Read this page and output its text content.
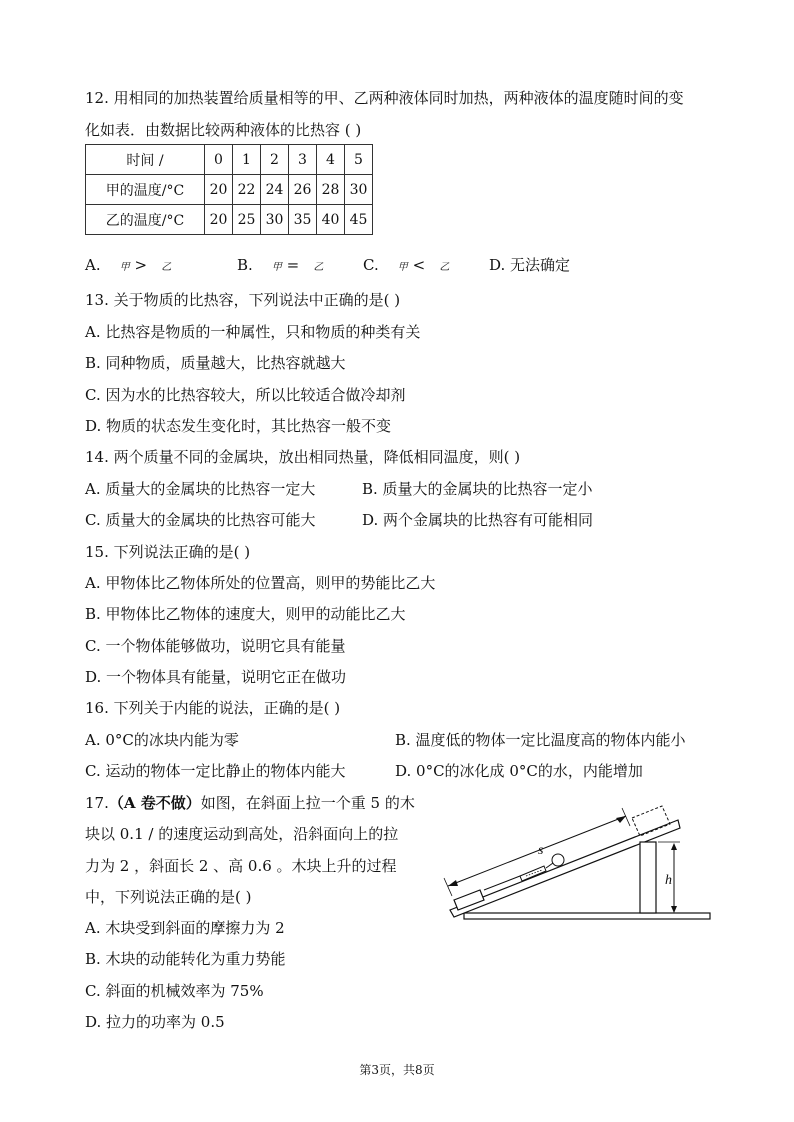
12. 用相同的加热装置给质量相等的甲、乙两种液体同时加热，两种液体的温度随时间的变
化如表．由数据比较两种液体的比热容 ( )
时间 /	0	1	2	3	4	5
甲的温度/°C	20	22	24	26	28	30
乙的温度/°C	20	25	30	35	40	45
A. 甲 > 乙	B. 甲 = 乙	C. 甲 < 乙	D. 无法确定
13. 关于物质的比热容，下列说法中正确的是( )
A. 比热容是物质的一种属性，只和物质的种类有关
B. 同种物质，质量越大，比热容就越大
C. 因为水的比热容较大，所以比较适合做冷却剂
D. 物质的状态发生变化时，其比热容一般不变
14. 两个质量不同的金属块，放出相同热量，降低相同温度，则( )
A. 质量大的金属块的比热容一定大	B. 质量大的金属块的比热容一定小
C. 质量大的金属块的比热容可能大	D. 两个金属块的比热容有可能相同
15. 下列说法正确的是( )
A. 甲物体比乙物体所处的位置高，则甲的势能比乙大
B. 甲物体比乙物体的速度大，则甲的动能比乙大
C. 一个物体能够做功，说明它具有能量
D. 一个物体具有能量，说明它正在做功
16. 下列关于内能的说法，正确的是( )
A. 0°C的冰块内能为零	B. 温度低的物体一定比温度高的物体内能小
C. 运动的物体一定比静止的物体内能大	D. 0°C的冰化成 0°C的水，内能增加
17.（A 卷不做）如图，在斜面上拉一个重 5 的木
块以 0.1 / 的速度运动到高处，沿斜面向上的拉
力为 2 ，斜面长 2 、高 0.6 。木块上升的过程
中，下列说法正确的是( )
A. 木块受到斜面的摩擦力为 2
B. 木块的动能转化为重力势能
C. 斜面的机械效率为 75%
D. 拉力的功率为 0.5
s
h
第3页，共8页
